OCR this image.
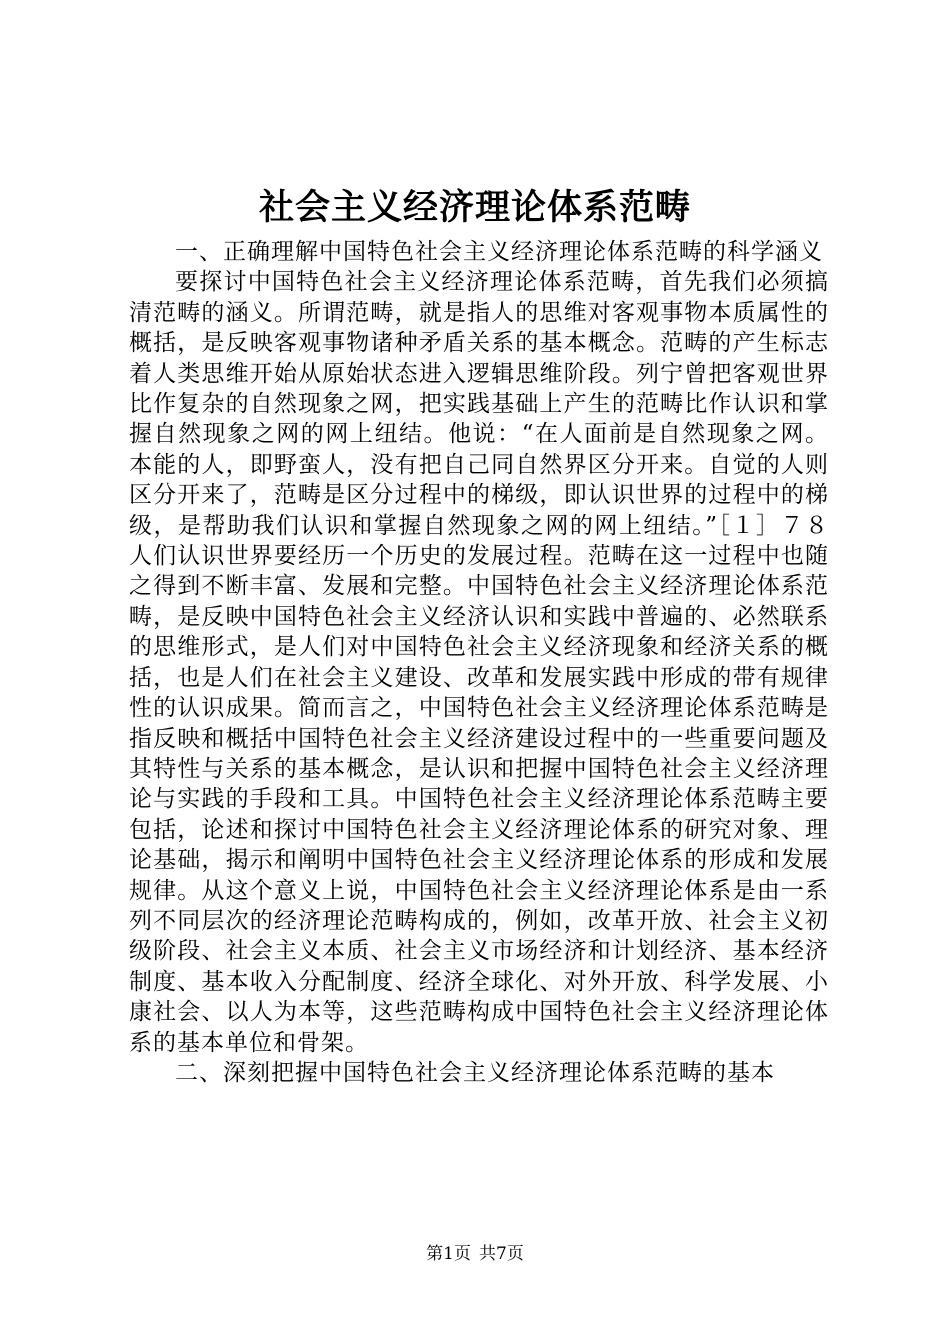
社会主义经济理论体系范畴

一、正确理解中国特色社会主义经济理论体系范畴的科学涵义

要探讨中国特色社会主义经济理论体系范畴，首先我们必须搞清范畴的涵义。所谓范畴，就是指人的思维对客观事物本质属性的概括，是反映客观事物诸种矛盾关系的基本概念。范畴的产生标志着人类思维开始从原始状态进入逻辑思维阶段。列宁曾把客观世界比作复杂的自然现象之网，把实践基础上产生的范畴比作认识和掌握自然现象之网的网上纽结。他说：“在人面前是自然现象之网。本能的人，即野蛮人，没有把自己同自然界区分开来。自觉的人则区分开来了，范畴是区分过程中的梯级，即认识世界的过程中的梯级，是帮助我们认识和掌握自然现象之网的网上纽结。”［１］７８人们认识世界要经历一个历史的发展过程。范畴在这一过程中也随之得到不断丰富、发展和完整。中国特色社会主义经济理论体系范畴，是反映中国特色社会主义经济认识和实践中普遍的、必然联系的思维形式，是人们对中国特色社会主义经济现象和经济关系的概括，也是人们在社会主义建设、改革和发展实践中形成的带有规律性的认识成果。简而言之，中国特色社会主义经济理论体系范畴是指反映和概括中国特色社会主义经济建设过程中的一些重要问题及其特性与关系的基本概念，是认识和把握中国特色社会主义经济理论与实践的手段和工具。中国特色社会主义经济理论体系范畴主要包括，论述和探讨中国特色社会主义经济理论体系的研究对象、理论基础，揭示和阐明中国特色社会主义经济理论体系的形成和发展规律。从这个意义上说，中国特色社会主义经济理论体系是由一系列不同层次的经济理论范畴构成的，例如，改革开放、社会主义初级阶段、社会主义本质、社会主义市场经济和计划经济、基本经济制度、基本收入分配制度、经济全球化、对外开放、科学发展、小康社会、以人为本等，这些范畴构成中国特色社会主义经济理论体系的基本单位和骨架。

二、深刻把握中国特色社会主义经济理论体系范畴的基本

第1页 共7页
